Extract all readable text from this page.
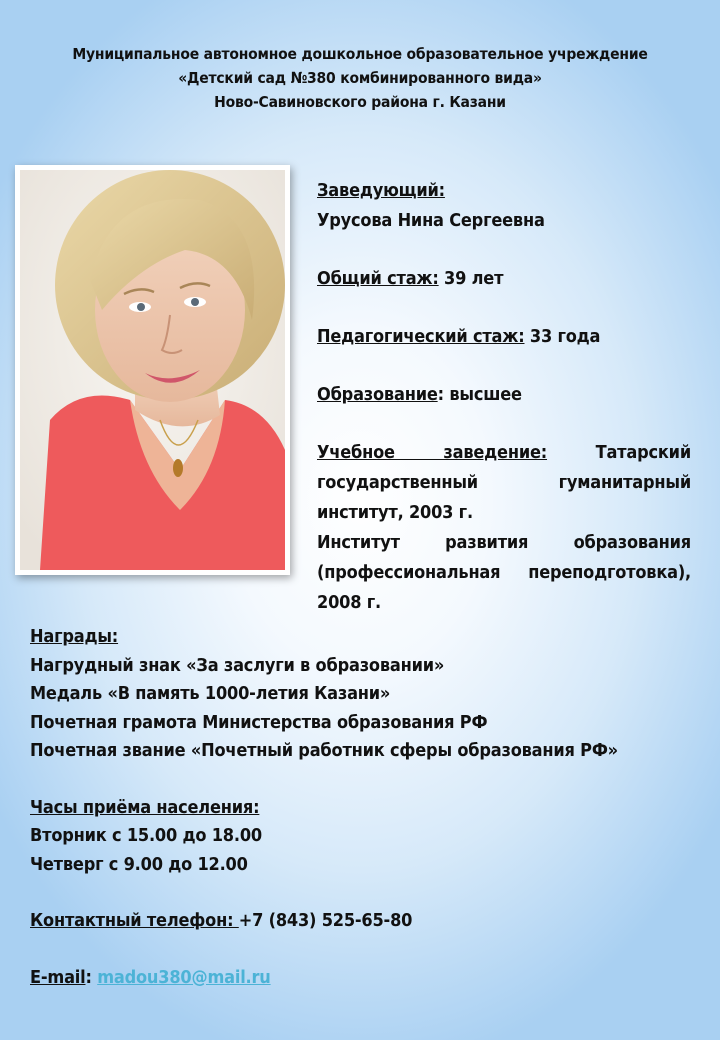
Муниципальное автономное дошкольное образовательное учреждение
«Детский сад №380 комбинированного вида»
Ново-Савиновского района г. Казани
Заведующий:
Урусова Нина Сергеевна
Общий стаж: 39 лет
Педагогический стаж: 33 года
Образование: высшее
Учебное заведение: Татарский государственный гуманитарный институт, 2003 г.
Институт развития образования (профессиональная переподготовка), 2008 г.
Награды:
Нагрудный знак «За заслуги в образовании»
Медаль «В память 1000-летия Казани»
Почетная грамота Министерства образования РФ
Почетная звание «Почетный работник сферы образования РФ»
Часы приёма населения:
Вторник с 15.00 до 18.00
Четверг с 9.00 до 12.00
Контактный телефон: +7 (843) 525-65-80
E-mail: madou380@mail.ru
